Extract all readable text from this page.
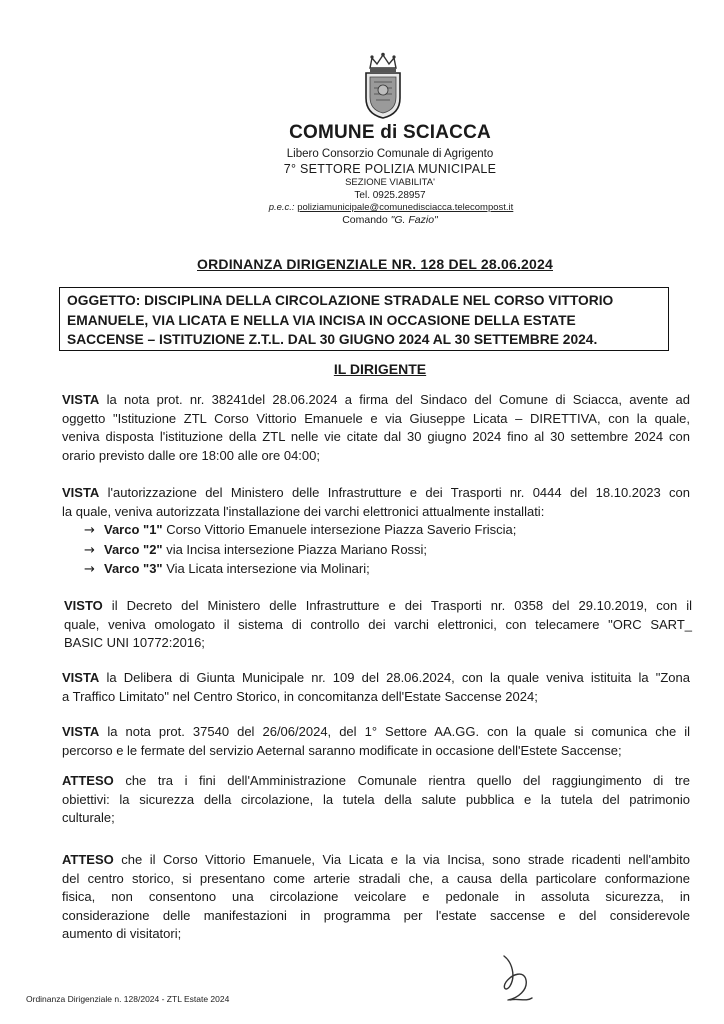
COMUNE di SCIACCA
Libero Consorzio Comunale di Agrigento
7° SETTORE POLIZIA MUNICIPALE
SEZIONE VIABILITA'
Tel. 0925.28957
p.e.c.: poliziamunicipale@comunedisciacca.telecompost.it
Comando "G. Fazio"
ORDINANZA DIRIGENZIALE NR. 128 DEL 28.06.2024
OGGETTO: DISCIPLINA DELLA CIRCOLAZIONE STRADALE NEL CORSO VITTORIO
EMANUELE, VIA LICATA E NELLA VIA INCISA IN OCCASIONE DELLA ESTATE
SACCENSE – ISTITUZIONE Z.T.L. DAL 30 GIUGNO 2024 AL 30 SETTEMBRE 2024.
IL DIRIGENTE
VISTA la nota prot. nr. 38241del 28.06.2024 a firma del Sindaco del Comune di Sciacca, avente ad
oggetto "Istituzione ZTL Corso Vittorio Emanuele e via Giuseppe Licata – DIRETTIVA, con la quale,
veniva disposta l'istituzione della ZTL nelle vie citate dal 30 giugno 2024 fino al 30 settembre 2024 con
orario previsto dalle ore 18:00 alle ore 04:00;
VISTA l'autorizzazione del Ministero delle Infrastrutture e dei Trasporti nr. 0444 del 18.10.2023 con
la quale, veniva autorizzata l'installazione dei varchi elettronici attualmente installati:
→ Varco "1" Corso Vittorio Emanuele intersezione Piazza Saverio Friscia;
→ Varco "2" via Incisa intersezione Piazza Mariano Rossi;
→ Varco "3" Via Licata intersezione via Molinari;
VISTO il Decreto del Ministero delle Infrastrutture e dei Trasporti nr. 0358 del 29.10.2019, con il
quale, veniva omologato il sistema di controllo dei varchi elettronici, con telecamere "ORC SART_
BASIC UNI 10772:2016;
VISTA la Delibera di Giunta Municipale nr. 109 del 28.06.2024, con la quale veniva istituita la "Zona
a Traffico Limitato" nel Centro Storico, in concomitanza dell'Estate Saccense 2024;
VISTA la nota prot. 37540 del 26/06/2024, del 1° Settore AA.GG. con la quale si comunica che il
percorso e le fermate del servizio Aeternal saranno modificate in occasione dell'Estete Saccense;
ATTESO che tra i fini dell'Amministrazione Comunale rientra quello del raggiungimento di tre
obiettivi: la sicurezza della circolazione, la tutela della salute pubblica e la tutela del patrimonio
culturale;
ATTESO che il Corso Vittorio Emanuele, Via Licata e la via Incisa, sono strade ricadenti nell'ambito
del centro storico, si presentano come arterie stradali che, a causa della particolare conformazione
fisica, non consentono una circolazione veicolare e pedonale in assoluta sicurezza, in
considerazione delle manifestazioni in programma per l'estate saccense e del considerevole
aumento di visitatori;
Ordinanza Dirigenziale n. 128/2024 - ZTL Estate 2024
